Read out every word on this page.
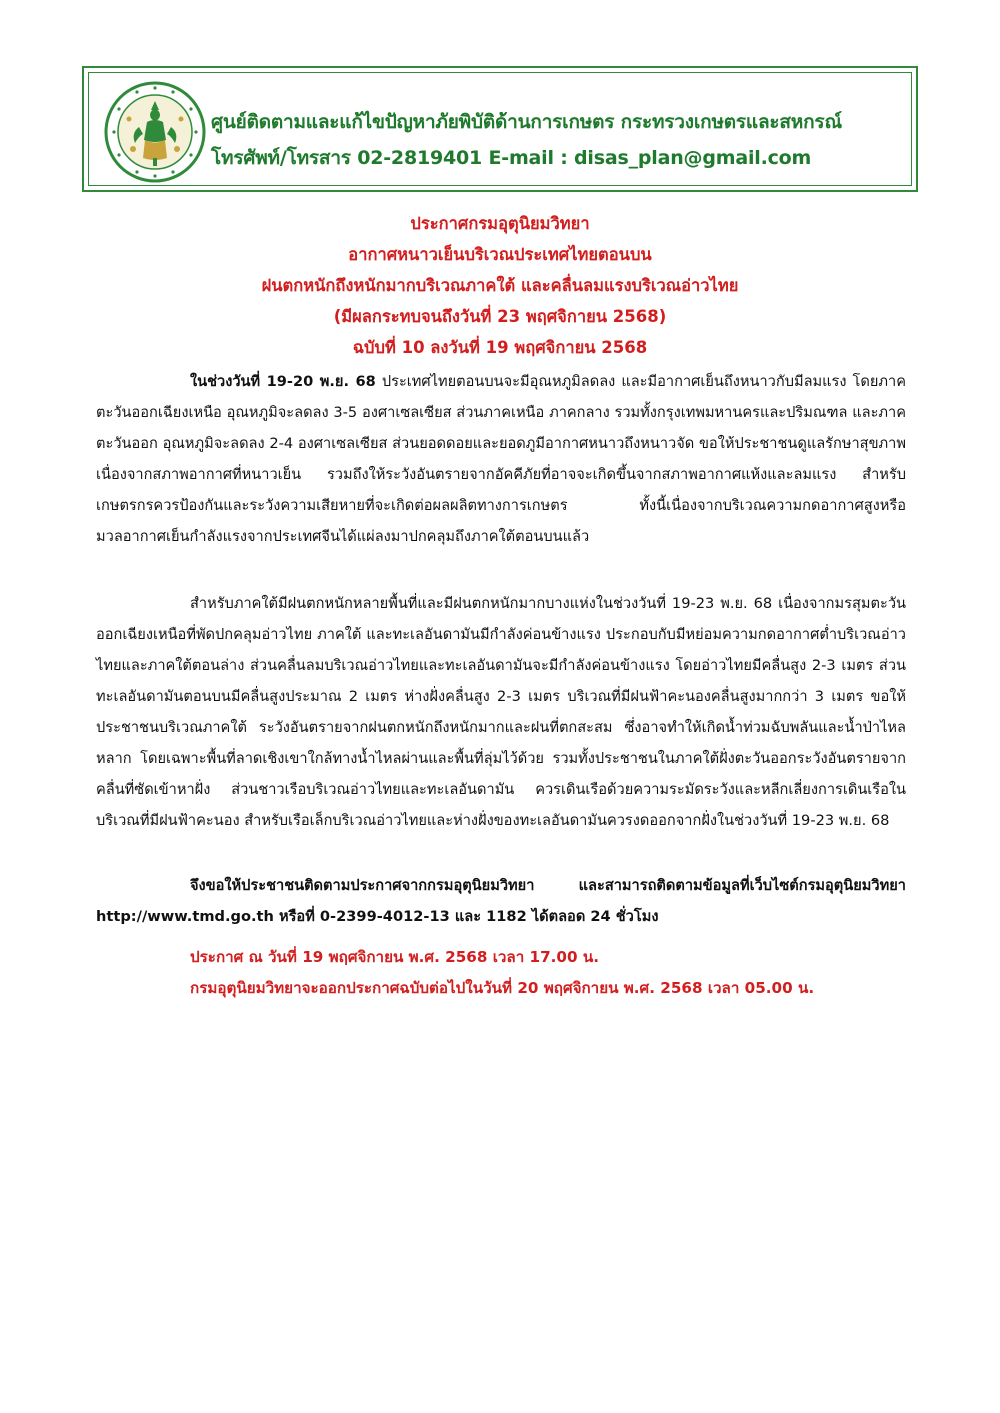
ศูนย์ติดตามและแก้ไขปัญหาภัยพิบัติด้านการเกษตร กระทรวงเกษตรและสหกรณ์
โทรศัพท์/โทรสาร 02-2819401 E-mail : disas_plan@gmail.com
ประกาศกรมอุตุนิยมวิทยา
อากาศหนาวเย็นบริเวณประเทศไทยตอนบน
ฝนตกหนักถึงหนักมากบริเวณภาคใต้ และคลื่นลมแรงบริเวณอ่าวไทย
(มีผลกระทบจนถึงวันที่ 23 พฤศจิกายน 2568)
ฉบับที่ 10 ลงวันที่ 19 พฤศจิกายน 2568
ในช่วงวันที่ 19-20 พ.ย. 68 ประเทศไทยตอนบนจะมีอุณหภูมิลดลง และมีอากาศเย็นถึงหนาวกับมีลมแรง โดยภาคตะวันออกเฉียงเหนือ อุณหภูมิจะลดลง 3-5 องศาเซลเซียส ส่วนภาคเหนือ ภาคกลาง รวมทั้งกรุงเทพมหานครและปริมณฑล และภาคตะวันออก อุณหภูมิจะลดลง 2-4 องศาเซลเซียส ส่วนยอดดอยและยอดภูมีอากาศหนาวถึงหนาวจัด ขอให้ประชาชนดูแลรักษาสุขภาพ เนื่องจากสภาพอากาศที่หนาวเย็น รวมถึงให้ระวังอันตรายจากอัคคีภัยที่อาจจะเกิดขึ้นจากสภาพอากาศแห้งและลมแรง สำหรับเกษตรกรควรป้องกันและระวังความเสียหายที่จะเกิดต่อผลผลิตทางการเกษตร ทั้งนี้เนื่องจากบริเวณความกดอากาศสูงหรือมวลอากาศเย็นกำลังแรงจากประเทศจีนได้แผ่ลงมาปกคลุมถึงภาคใต้ตอนบนแล้ว
สำหรับภาคใต้มีฝนตกหนักหลายพื้นที่และมีฝนตกหนักมากบางแห่งในช่วงวันที่ 19-23 พ.ย. 68 เนื่องจากมรสุมตะวันออกเฉียงเหนือที่พัดปกคลุมอ่าวไทย ภาคใต้ และทะเลอันดามันมีกำลังค่อนข้างแรง ประกอบกับมีหย่อมความกดอากาศต่ำบริเวณอ่าวไทยและภาคใต้ตอนล่าง ส่วนคลื่นลมบริเวณอ่าวไทยและทะเลอันดามันจะมีกำลังค่อนข้างแรง โดยอ่าวไทยมีคลื่นสูง 2-3 เมตร ส่วนทะเลอันดามันตอนบนมีคลื่นสูงประมาณ 2 เมตร ห่างฝั่งคลื่นสูง 2-3 เมตร บริเวณที่มีฝนฟ้าคะนองคลื่นสูงมากกว่า 3 เมตร ขอให้ประชาชนบริเวณภาคใต้ ระวังอันตรายจากฝนตกหนักถึงหนักมากและฝนที่ตกสะสม ซึ่งอาจทำให้เกิดน้ำท่วมฉับพลันและน้ำป่าไหลหลาก โดยเฉพาะพื้นที่ลาดเชิงเขาใกล้ทางน้ำไหลผ่านและพื้นที่ลุ่มไว้ด้วย รวมทั้งประชาชนในภาคใต้ฝั่งตะวันออกระวังอันตรายจากคลื่นที่ซัดเข้าหาฝั่ง ส่วนชาวเรือบริเวณอ่าวไทยและทะเลอันดามัน ควรเดินเรือด้วยความระมัดระวังและหลีกเลี่ยงการเดินเรือในบริเวณที่มีฝนฟ้าคะนอง สำหรับเรือเล็กบริเวณอ่าวไทยและห่างฝั่งของทะเลอันดามันควรงดออกจากฝั่งในช่วงวันที่ 19-23 พ.ย. 68
จึงขอให้ประชาชนติดตามประกาศจากกรมอุตุนิยมวิทยา และสามารถติดตามข้อมูลที่เว็บไซต์กรมอุตุนิยมวิทยา http://www.tmd.go.th หรือที่ 0-2399-4012-13 และ 1182 ได้ตลอด 24 ชั่วโมง
ประกาศ ณ วันที่ 19 พฤศจิกายน พ.ศ. 2568 เวลา 17.00 น.
กรมอุตุนิยมวิทยาจะออกประกาศฉบับต่อไปในวันที่ 20 พฤศจิกายน พ.ศ. 2568 เวลา 05.00 น.
